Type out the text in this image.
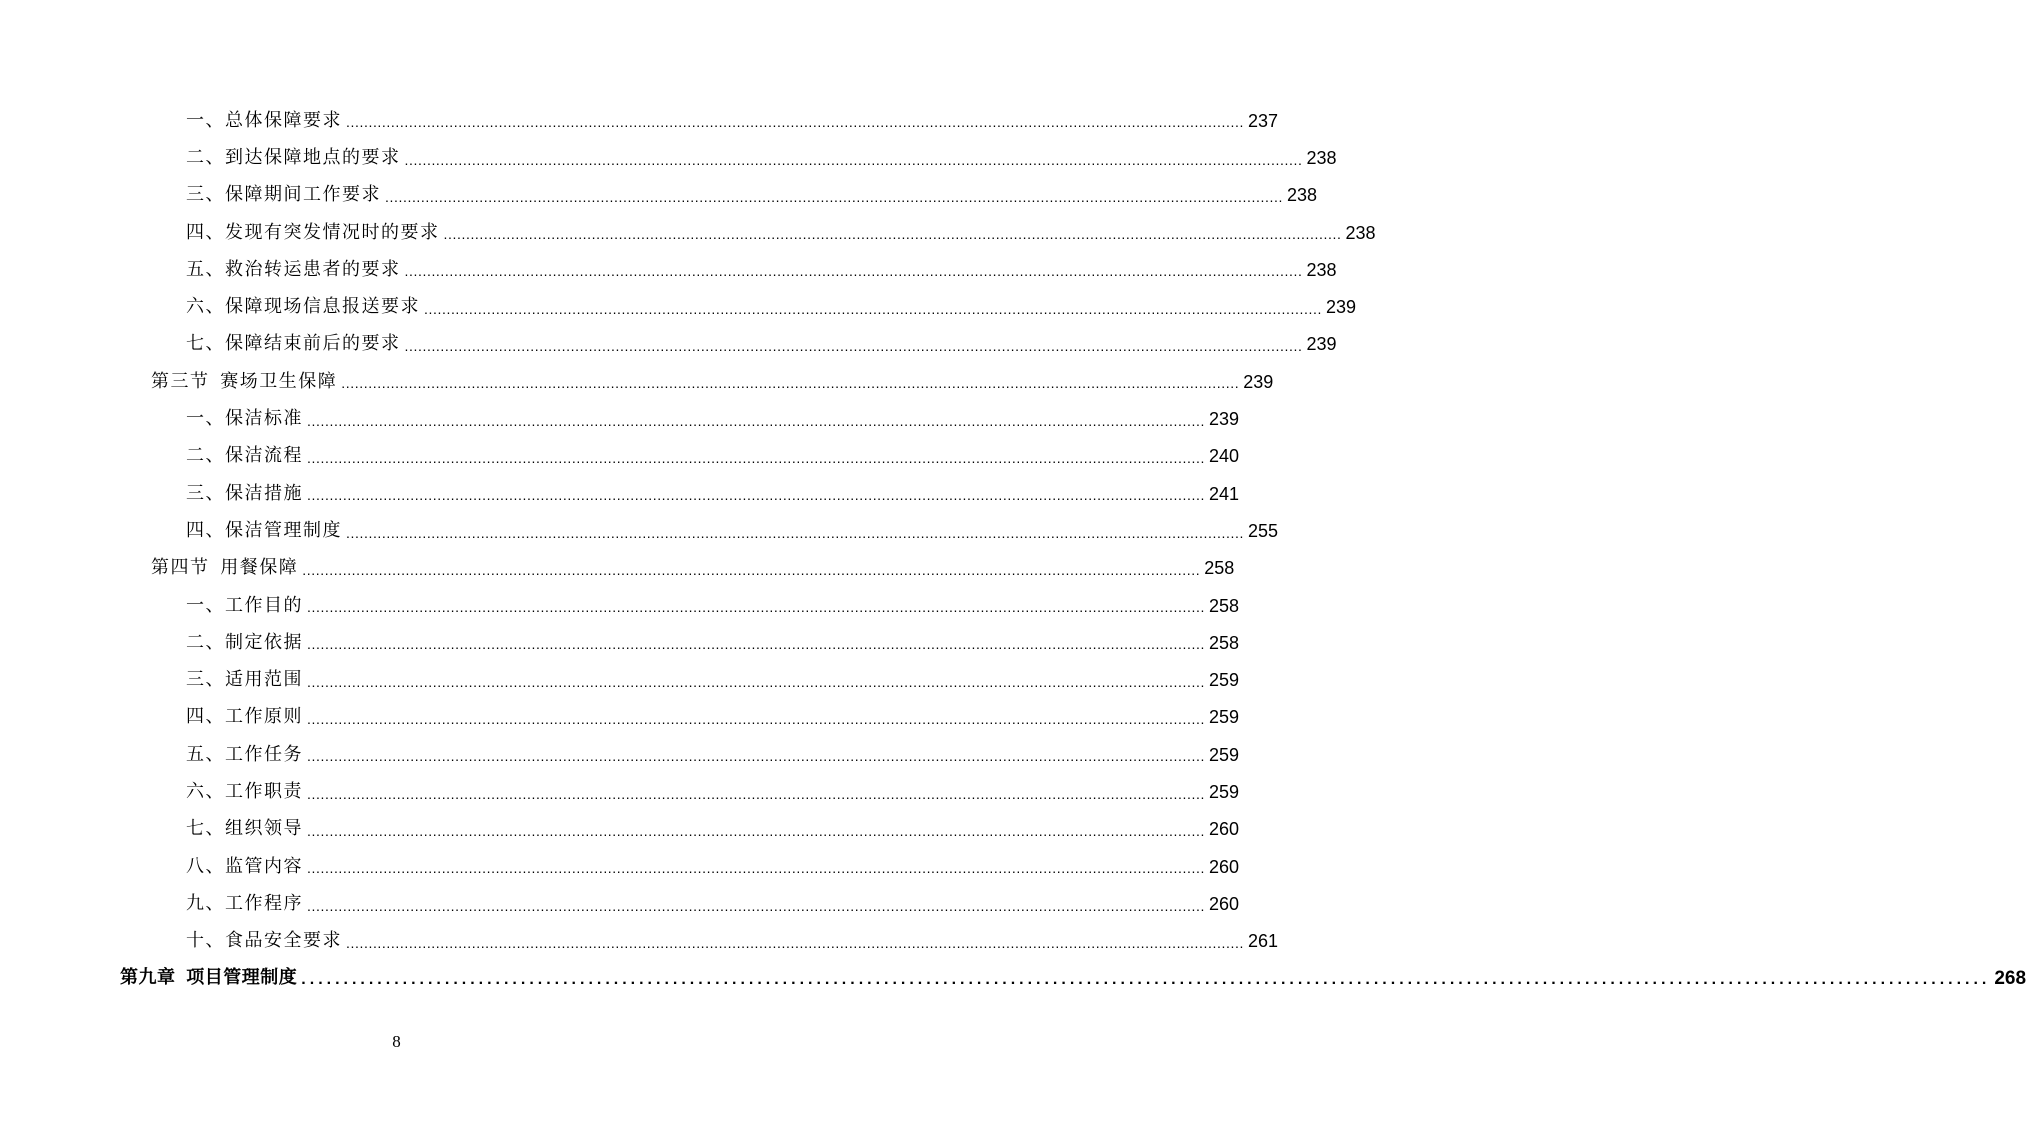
一、总体保障要求 ........................................................................................................................................................................................................ 237
二、到达保障地点的要求 ........................................................................................................................................................................................................ 238
三、保障期间工作要求 ........................................................................................................................................................................................................ 238
四、发现有突发情况时的要求 ........................................................................................................................................................................................................ 238
五、救治转运患者的要求 ........................................................................................................................................................................................................ 238
六、保障现场信息报送要求 ........................................................................................................................................................................................................ 239
七、保障结束前后的要求 ........................................................................................................................................................................................................ 239
第三节 赛场卫生保障 ........................................................................................................................................................................................................ 239
一、保洁标准 ........................................................................................................................................................................................................ 239
二、保洁流程 ........................................................................................................................................................................................................ 240
三、保洁措施 ........................................................................................................................................................................................................ 241
四、保洁管理制度 ........................................................................................................................................................................................................ 255
第四节 用餐保障 ........................................................................................................................................................................................................ 258
一、工作目的 ........................................................................................................................................................................................................ 258
二、制定依据 ........................................................................................................................................................................................................ 258
三、适用范围 ........................................................................................................................................................................................................ 259
四、工作原则 ........................................................................................................................................................................................................ 259
五、工作任务 ........................................................................................................................................................................................................ 259
六、工作职责 ........................................................................................................................................................................................................ 259
七、组织领导 ........................................................................................................................................................................................................ 260
八、监管内容 ........................................................................................................................................................................................................ 260
九、工作程序 ........................................................................................................................................................................................................ 260
十、食品安全要求 ........................................................................................................................................................................................................ 261
第九章 项目管理制度 ........................................................................................................................................................................................................ 268
8
